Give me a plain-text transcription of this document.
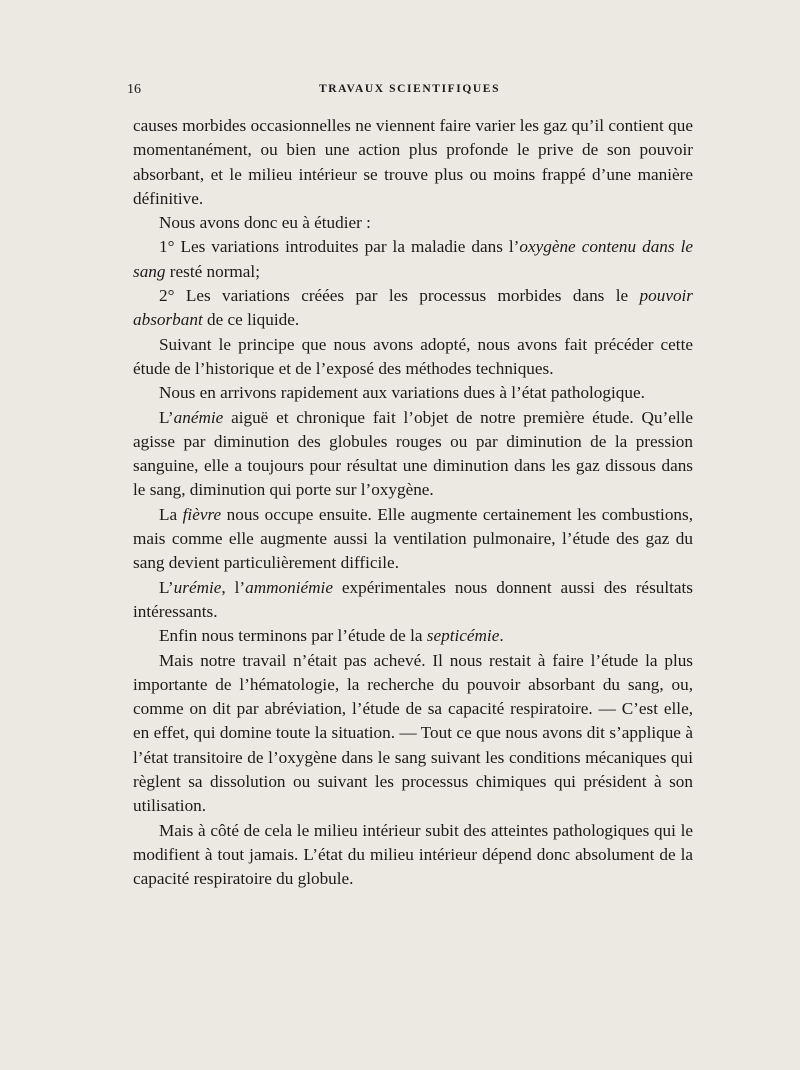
16	TRAVAUX SCIENTIFIQUES

causes morbides occasionnelles ne viennent faire varier les gaz qu’il contient que momentanément, ou bien une action plus profonde le prive de son pouvoir absorbant, et le milieu intérieur se trouve plus ou moins frappé d’une manière définitive.

Nous avons donc eu à étudier :

1° Les variations introduites par la maladie dans l’oxygène contenu dans le sang resté normal;

2° Les variations créées par les processus morbides dans le pouvoir absorbant de ce liquide.

Suivant le principe que nous avons adopté, nous avons fait précéder cette étude de l’historique et de l’exposé des méthodes techniques.

Nous en arrivons rapidement aux variations dues à l’état pathologique.

L’anémie aiguë et chronique fait l’objet de notre première étude. Qu’elle agisse par diminution des globules rouges ou par diminution de la pression sanguine, elle a toujours pour résultat une diminution dans les gaz dissous dans le sang, diminution qui porte sur l’oxygène.

La fièvre nous occupe ensuite. Elle augmente certainement les combustions, mais comme elle augmente aussi la ventilation pulmonaire, l’étude des gaz du sang devient particulièrement difficile.

L’urémie, l’ammoniémie expérimentales nous donnent aussi des résultats intéressants.

Enfin nous terminons par l’étude de la septicémie.

Mais notre travail n’était pas achevé. Il nous restait à faire l’étude la plus importante de l’hématologie, la recherche du pouvoir absorbant du sang, ou, comme on dit par abréviation, l’étude de sa capacité respiratoire. — C’est elle, en effet, qui domine toute la situation. — Tout ce que nous avons dit s’applique à l’état transitoire de l’oxygène dans le sang suivant les conditions mécaniques qui règlent sa dissolution ou suivant les processus chimiques qui président à son utilisation.

Mais à côté de cela le milieu intérieur subit des atteintes pathologiques qui le modifient à tout jamais. L’état du milieu intérieur dépend donc absolument de la capacité respiratoire du globule.
